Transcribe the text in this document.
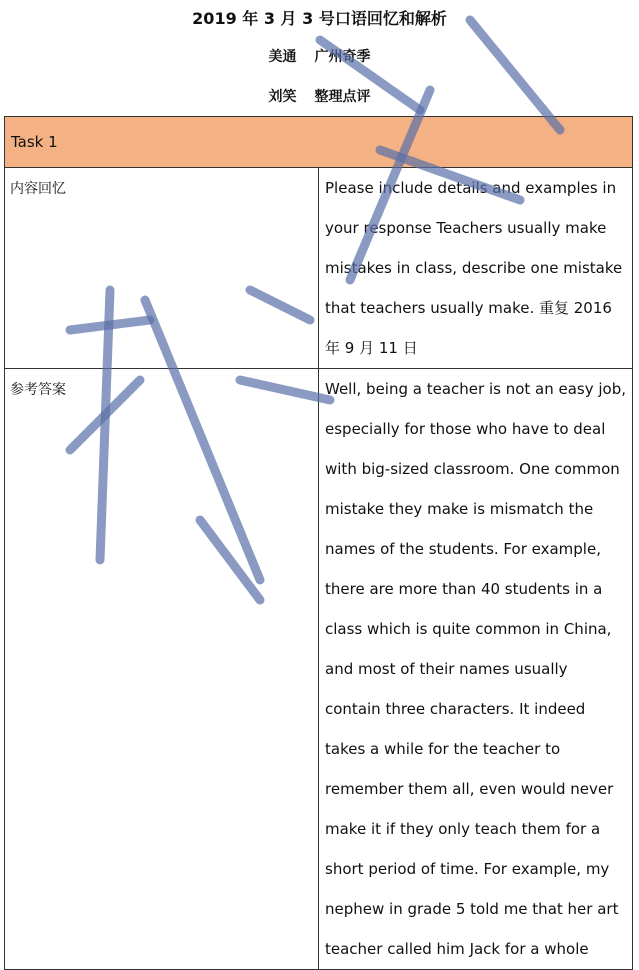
2019 年 3 月 3 号口语回忆和解析
美通 广州奇季
刘笑 整理点评
Task 1	
内容回忆	Please include details and examples in your response Teachers usually make mistakes in class, describe one mistake that teachers usually make. 重复 2016 年 9 月 11 日
参考答案	Well, being a teacher is not an easy job, especially for those who have to deal with big-sized classroom. One common mistake they make is mismatch the names of the students. For example, there are more than 40 students in a class which is quite common in China, and most of their names usually contain three characters. It indeed takes a while for the teacher to remember them all, even would never make it if they only teach them for a short period of time. For example, my nephew in grade 5 told me that her art teacher called him Jack for a whole
